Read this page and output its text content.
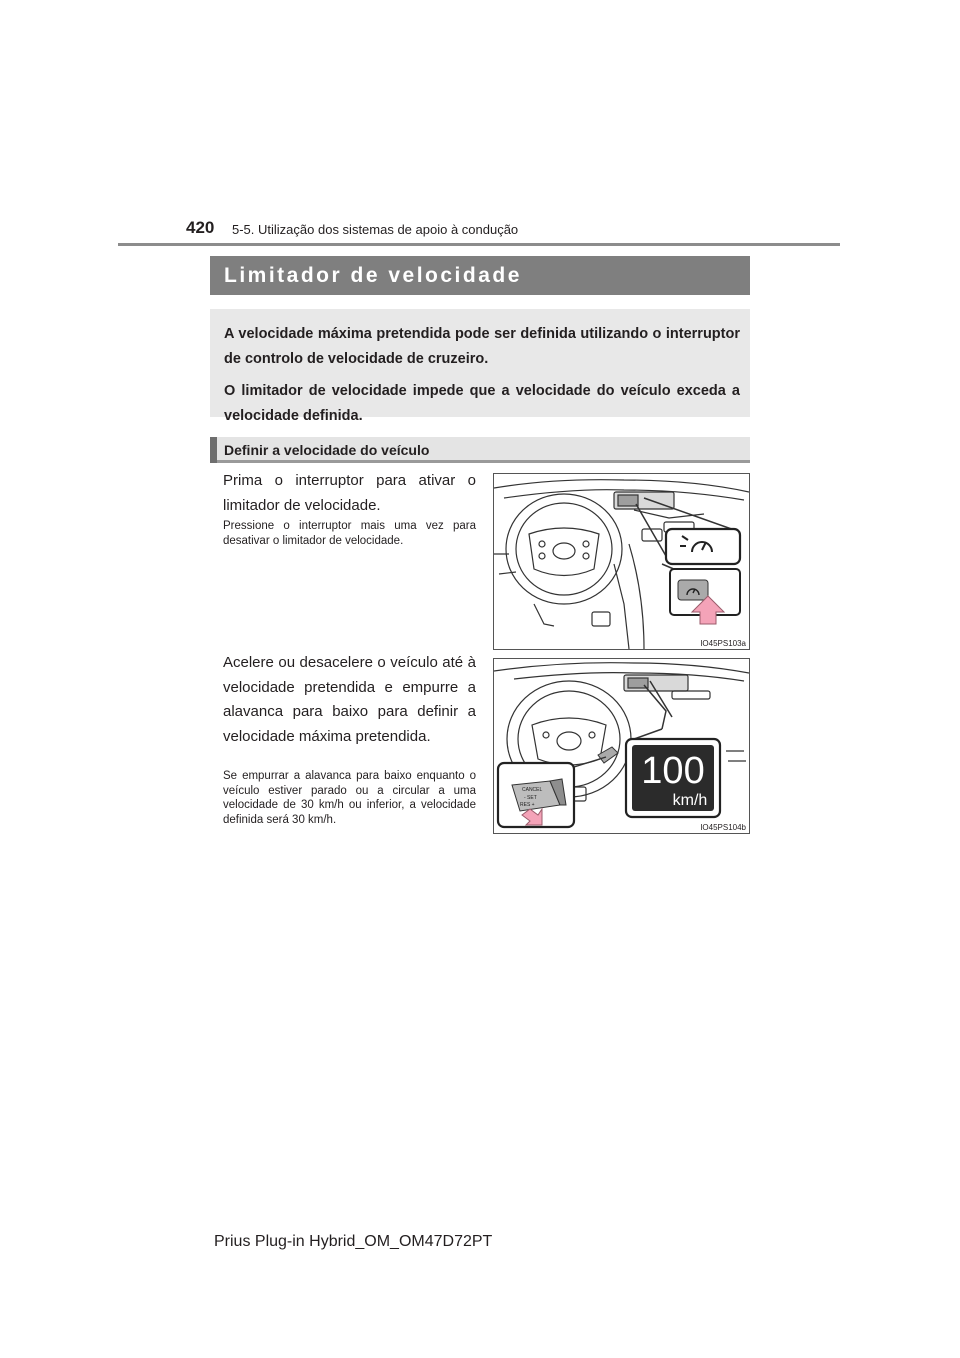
420 5-5. Utilização dos sistemas de apoio à condução
Limitador de velocidade

A velocidade máxima pretendida pode ser definida utilizando o interruptor de controlo de velocidade de cruzeiro.

O limitador de velocidade impede que a velocidade do veículo exceda a velocidade definida.

Definir a velocidade do veículo
Prima o interruptor para ativar o limitador de velocidade.
Pressione o interruptor mais uma vez para desativar o limitador de velocidade.
Acelere ou desacelere o veículo até à velocidade pretendida e empurre a alavanca para baixo para definir a velocidade máxima pretendida.
Se empurrar a alavanca para baixo enquanto o veículo estiver parado ou a circular a uma velocidade de 30 km/h ou inferior, a velocidade definida será 30 km/h.
IO45PS103a
CANCEL
- SET
RES +
100
km/h
IO45PS104b
Prius Plug-in Hybrid_OM_OM47D72PT
